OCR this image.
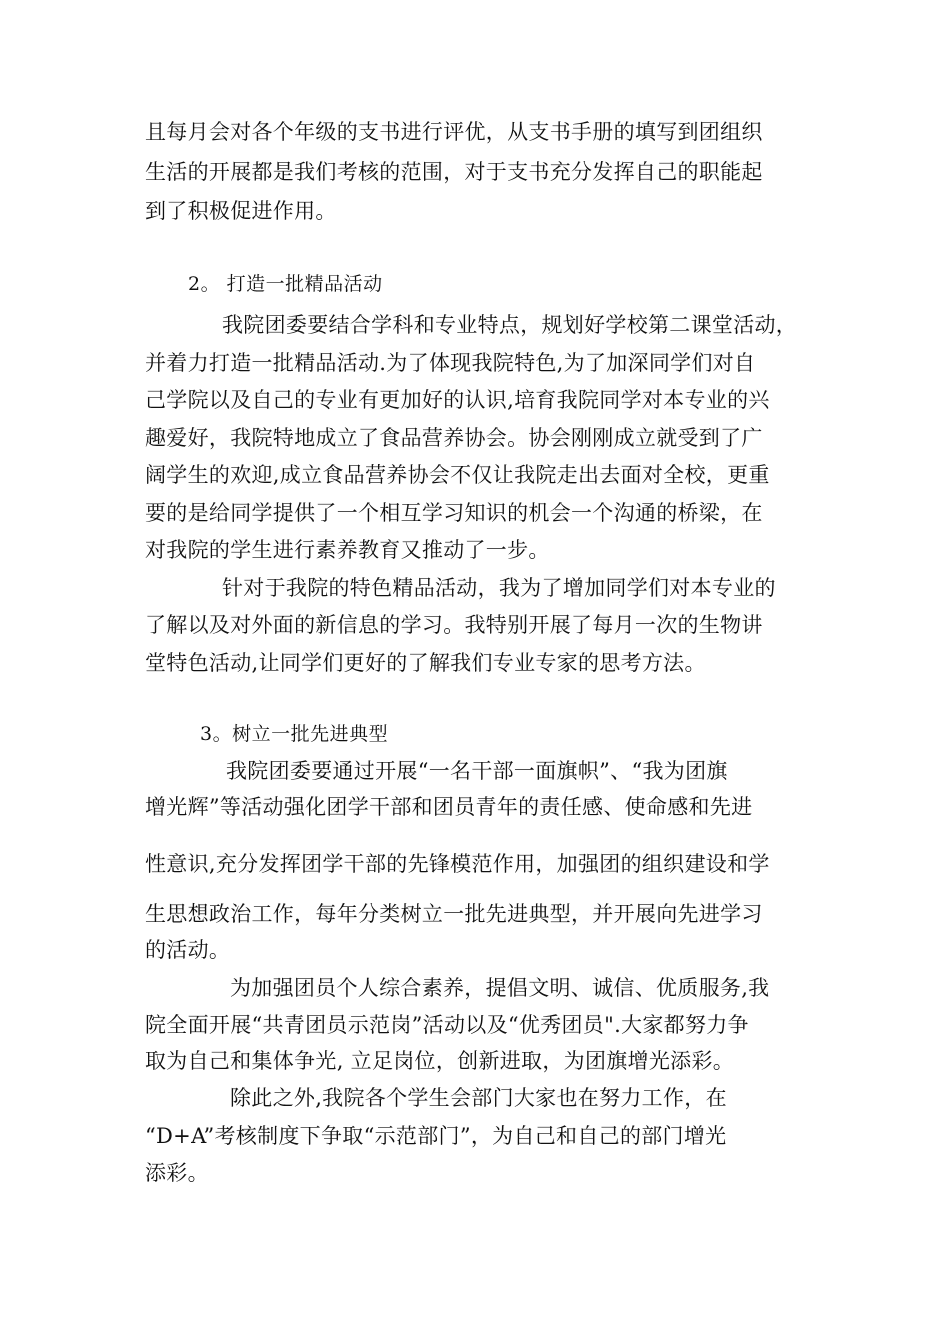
且每月会对各个年级的支书进行评优，从支书手册的填写到团组织
生活的开展都是我们考核的范围，对于支书充分发挥自己的职能起
到了积极促进作用。
2。 打造一批精品活动
我院团委要结合学科和专业特点，规划好学校第二课堂活动，
并着力打造一批精品活动.为了体现我院特色,为了加深同学们对自
己学院以及自己的专业有更加好的认识,培育我院同学对本专业的兴
趣爱好，我院特地成立了食品营养协会。协会刚刚成立就受到了广
阔学生的欢迎,成立食品营养协会不仅让我院走出去面对全校，更重
要的是给同学提供了一个相互学习知识的机会一个沟通的桥梁，在
对我院的学生进行素养教育又推动了一步。
针对于我院的特色精品活动，我为了增加同学们对本专业的
了解以及对外面的新信息的学习。我特别开展了每月一次的生物讲
堂特色活动,让同学们更好的了解我们专业专家的思考方法。
3。树立一批先进典型
我院团委要通过开展“一名干部一面旗帜”、“我为团旗
增光辉”等活动强化团学干部和团员青年的责任感、使命感和先进
性意识,充分发挥团学干部的先锋模范作用，加强团的组织建设和学
生思想政治工作，每年分类树立一批先进典型，并开展向先进学习
的活动。
为加强团员个人综合素养，提倡文明、诚信、优质服务,我
院全面开展“共青团员示范岗”活动以及“优秀团员".大家都努力争
取为自己和集体争光, 立足岗位，创新进取，为团旗增光添彩。
除此之外,我院各个学生会部门大家也在努力工作，在
“D+A”考核制度下争取“示范部门”，为自己和自己的部门增光
添彩。
